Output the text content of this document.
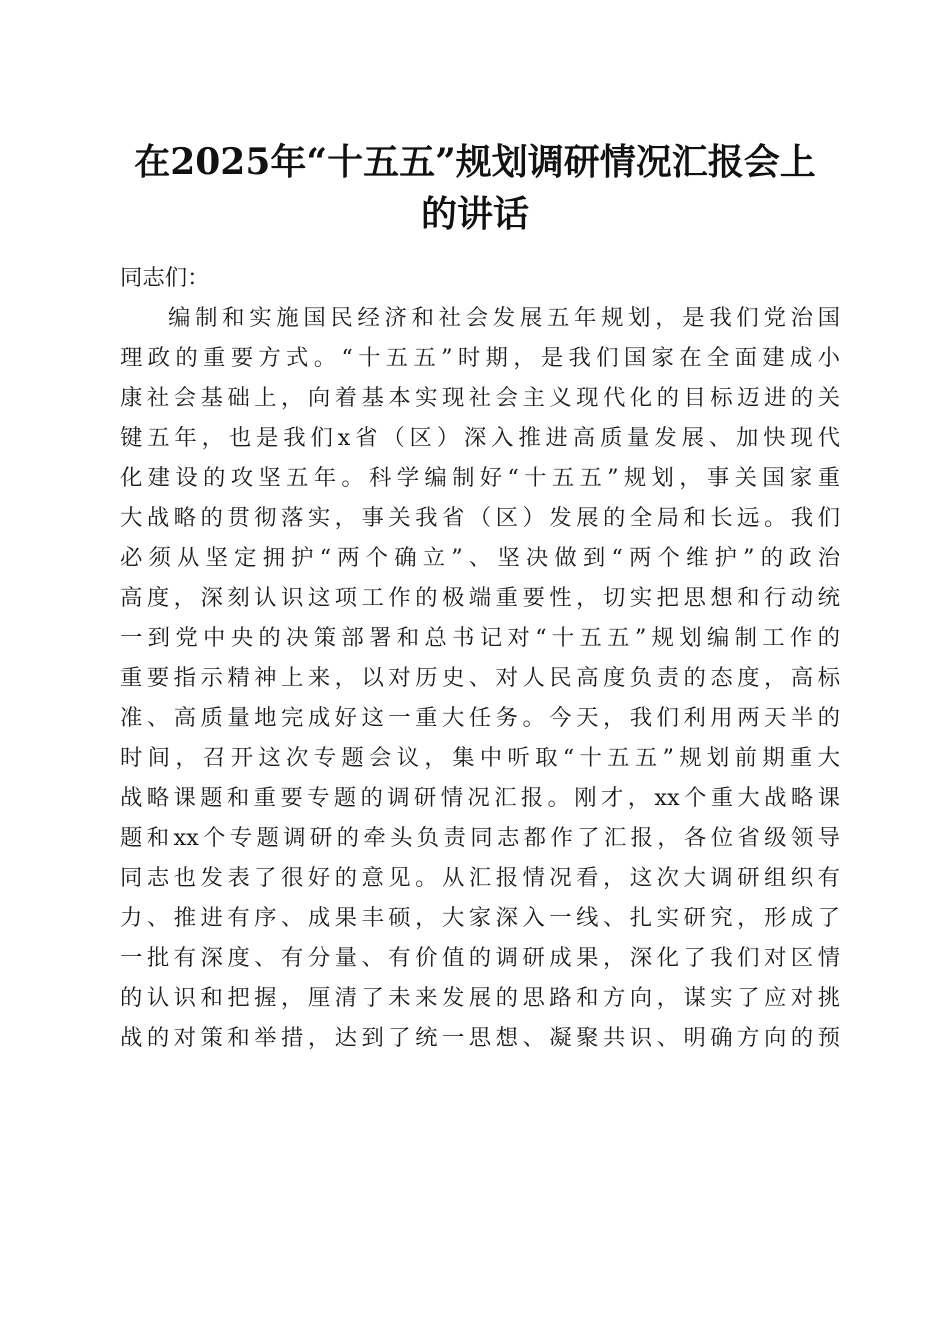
在2025年“十五五”规划调研情况汇报会上
的讲话
同志们：
编制和实施国民经济和社会发展五年规划，是我们党治国
理政的重要方式。“十五五”时期，是我们国家在全面建成小
康社会基础上，向着基本实现社会主义现代化的目标迈进的关
键五年，也是我们x省（区）深入推进高质量发展、加快现代
化建设的攻坚五年。科学编制好“十五五”规划，事关国家重
大战略的贯彻落实，事关我省（区）发展的全局和长远。我们
必须从坚定拥护“两个确立”、坚决做到“两个维护”的政治
高度，深刻认识这项工作的极端重要性，切实把思想和行动统
一到党中央的决策部署和总书记对“十五五”规划编制工作的
重要指示精神上来，以对历史、对人民高度负责的态度，高标
准、高质量地完成好这一重大任务。今天，我们利用两天半的
时间，召开这次专题会议，集中听取“十五五”规划前期重大
战略课题和重要专题的调研情况汇报。刚才，xx个重大战略课
题和xx个专题调研的牵头负责同志都作了汇报，各位省级领导
同志也发表了很好的意见。从汇报情况看，这次大调研组织有
力、推进有序、成果丰硕，大家深入一线、扎实研究，形成了
一批有深度、有分量、有价值的调研成果，深化了我们对区情
的认识和把握，厘清了未来发展的思路和方向，谋实了应对挑
战的对策和举措，达到了统一思想、凝聚共识、明确方向的预
